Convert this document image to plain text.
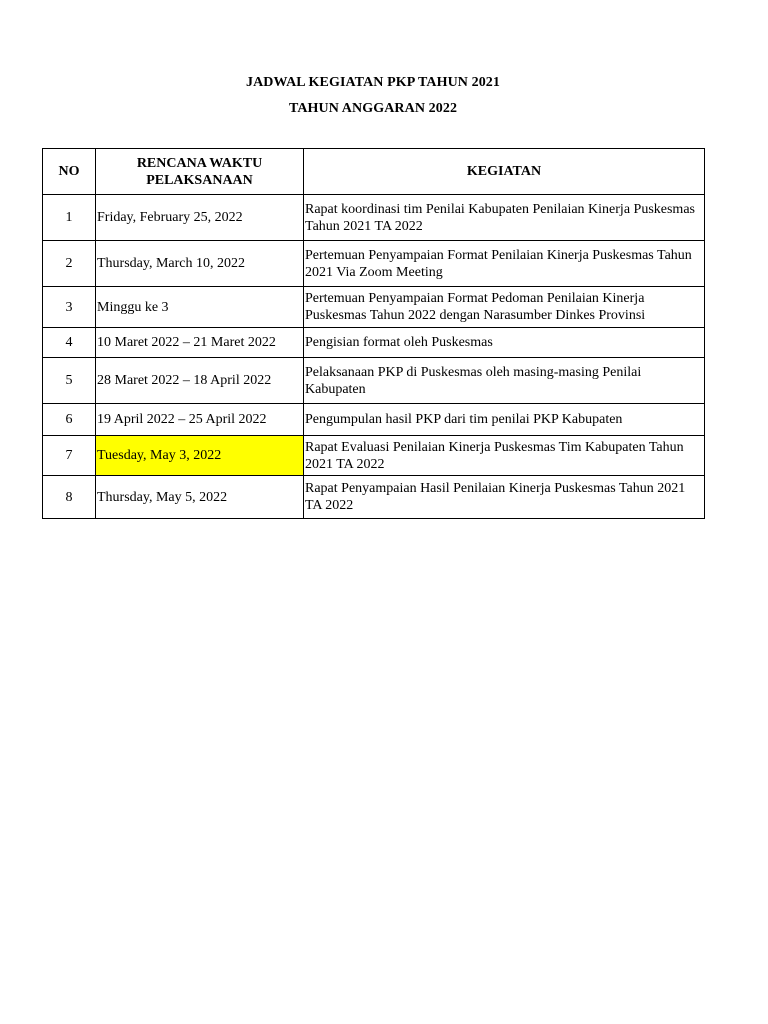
JADWAL KEGIATAN PKP TAHUN 2021
TAHUN ANGGARAN 2022
NO	RENCANA WAKTU PELAKSANAAN	KEGIATAN
1	Friday, February 25, 2022	Rapat koordinasi tim Penilai Kabupaten Penilaian Kinerja Puskesmas Tahun 2021 TA 2022
2	Thursday, March 10, 2022	Pertemuan Penyampaian Format Penilaian Kinerja Puskesmas Tahun 2021 Via Zoom Meeting
3	Minggu ke 3	Pertemuan Penyampaian Format Pedoman Penilaian Kinerja Puskesmas Tahun 2022 dengan Narasumber Dinkes Provinsi
4	10 Maret 2022 – 21 Maret 2022	Pengisian format oleh Puskesmas
5	28 Maret 2022 – 18 April 2022	Pelaksanaan PKP di Puskesmas oleh masing-masing Penilai Kabupaten
6	19 April 2022 – 25 April 2022	Pengumpulan hasil PKP dari tim penilai PKP Kabupaten
7	Tuesday, May 3, 2022	Rapat Evaluasi Penilaian Kinerja Puskesmas Tim Kabupaten Tahun 2021 TA 2022
8	Thursday, May 5, 2022	Rapat Penyampaian Hasil Penilaian Kinerja Puskesmas Tahun 2021 TA 2022
